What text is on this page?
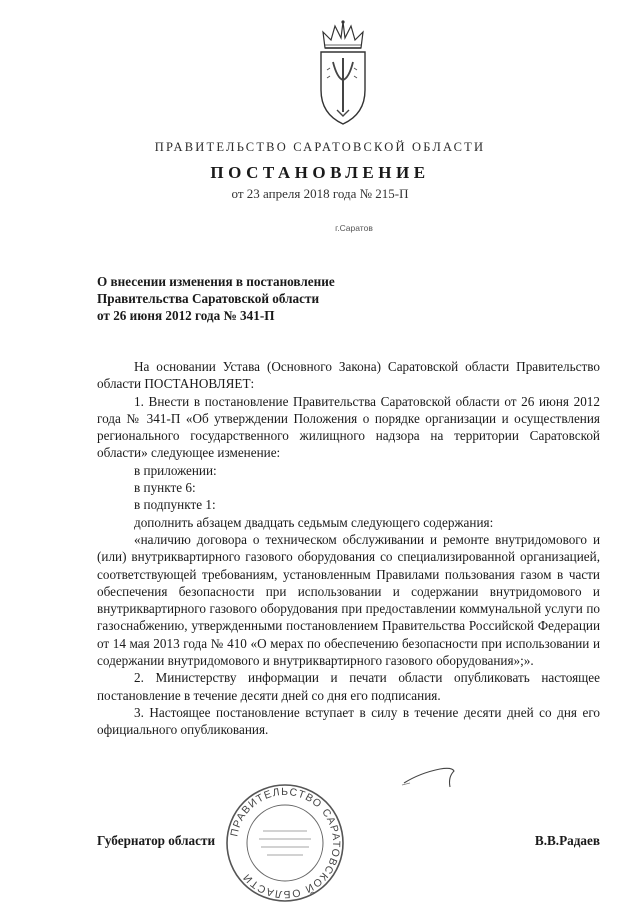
ПРАВИТЕЛЬСТВО САРАТОВСКОЙ ОБЛАСТИ
ПОСТАНОВЛЕНИЕ
от 23 апреля 2018 года № 215-П
г.Саратов
О внесении изменения в постановление
Правительства Саратовской области
от 26 июня 2012 года № 341-П

На основании Устава (Основного Закона) Саратовской области Правительство области ПОСТАНОВЛЯЕТ:

1. Внести в постановление Правительства Саратовской области от 26 июня 2012 года № 341-П «Об утверждении Положения о порядке организации и осуществления регионального государственного жилищного надзора на территории Саратовской области» следующее изменение:

в приложении:

в пункте 6:

в подпункте 1:

дополнить абзацем двадцать седьмым следующего содержания:

«наличию договора о техническом обслуживании и ремонте внутридомового и (или) внутриквартирного газового оборудования со специализированной организацией, соответствующей требованиям, установленным Правилами пользования газом в части обеспечения безопасности при использовании и содержании внутридомового и внутриквартирного газового оборудования при предоставлении коммунальной услуги по газоснабжению, утвержденными постановлением Правительства Российской Федерации от 14 мая 2013 года № 410 «О мерах по обеспечению безопасности при использовании и содержании внутридомового и внутриквартирного газового оборудования»;».

2. Министерству информации и печати области опубликовать настоящее постановление в течение десяти дней со дня его подписания.

3. Настоящее постановление вступает в силу в течение десяти дней со дня его официального опубликования.

Губернатор области	В.В.Радаев
ПРАВИТЕЛЬСТВО САРАТОВСКОЙ ОБЛАСТИ
